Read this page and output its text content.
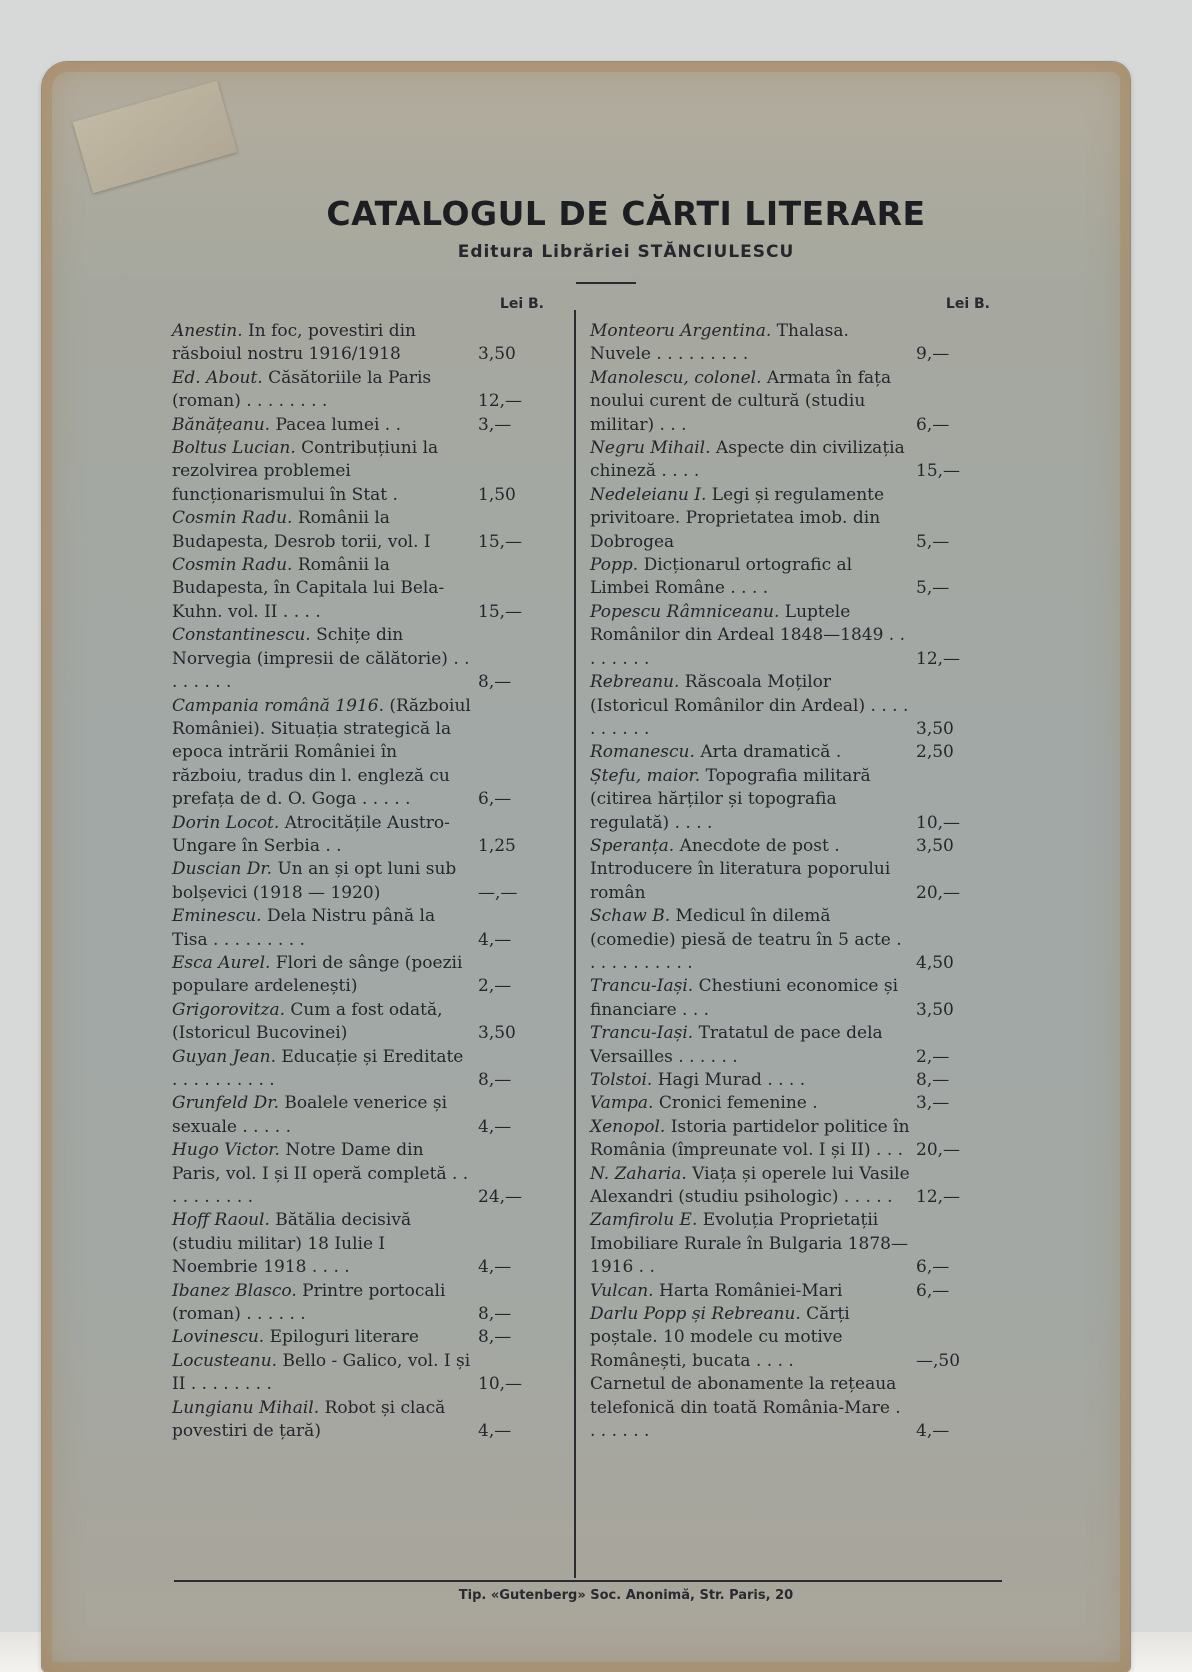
CATALOGUL DE CĂRTI LITERARE

Editura Librăriei STĂNCIULESCU

Lei B.
Anestin. In foc, povestiri din răsboiul nostru 1916/1918	3,50
Ed. About. Căsătoriile la Paris (roman) . . . . . . . .	12,—
Bănățeanu. Pacea lumei . .	3,—
Boltus Lucian. Contribuțiuni la rezolvirea problemei funcționarismului în Stat .	1,50
Cosmin Radu. Românii la Budapesta, Desrob torii, vol. I	15,—
Cosmin Radu. Românii la Budapesta, în Capitala lui Bela-Kuhn. vol. II . . . .	15,—
Constantinescu. Schițe din Norvegia (impresii de călătorie) . . . . . . . .	8,—
Campania română 1916. (Războiul României). Situația strategică la epoca intrării României în războiu, tradus din l. engleză cu prefața de d. O. Goga . . . . .	6,—
Dorin Locot. Atrocitățile Austro-Ungare în Serbia . .	1,25
Duscian Dr. Un an și opt luni sub bolșevici (1918 — 1920)	—,—
Eminescu. Dela Nistru până la Tisa . . . . . . . . .	4,—
Esca Aurel. Flori de sânge (poezii populare ardelenești)	2,—
Grigorovitza. Cum a fost odată, (Istoricul Bucovinei)	3,50
Guyan Jean. Educație și Ereditate . . . . . . . . . .	8,—
Grunfeld Dr. Boalele venerice și sexuale . . . . .	4,—
Hugo Victor. Notre Dame din Paris, vol. I și II operă completă . . . . . . . . . .	24,—
Hoff Raoul. Bătălia decisivă (studiu militar) 18 Iulie I Noembrie 1918 . . . .	4,—
Ibanez Blasco. Printre portocali (roman) . . . . . .	8,—
Lovinescu. Epiloguri literare	8,—
Locusteanu. Bello - Galico, vol. I și II . . . . . . . .	10,—
Lungianu Mihail. Robot și clacă povestiri de țară)	4,—
Lei B.
Monteoru Argentina. Thalasa. Nuvele . . . . . . . . .	9,—
Manolescu, colonel. Armata în fața noului curent de cultură (studiu militar) . . .	6,—
Negru Mihail. Aspecte din civilizația chineză . . . .	15,—
Nedeleianu I. Legi și regulamente privitoare. Proprietatea imob. din Dobrogea	5,—
Popp. Dicționarul ortografic al Limbei Române . . . .	5,—
Popescu Râmniceanu. Luptele Românilor din Ardeal 1848—1849 . . . . . . . .	12,—
Rebreanu. Răscoala Moților (Istoricul Românilor din Ardeal) . . . . . . . . . .	3,50
Romanescu. Arta dramatică .	2,50
Ștefu, maior. Topografia militară (citirea hărților și topografia regulată) . . . .	10,—
Speranța. Anecdote de post .	3,50
Introducere în literatura poporului român	20,—
Schaw B. Medicul în dilemă (comedie) piesă de teatru în 5 acte . . . . . . . . . . .	4,50
Trancu-Iași. Chestiuni economice și financiare . . .	3,50
Trancu-Iași. Tratatul de pace dela Versailles . . . . . .	2,—
Tolstoi. Hagi Murad . . . .	8,—
Vampa. Cronici femenine .	3,—
Xenopol. Istoria partidelor politice în România (împreunate vol. I și II) . . . 20,—
N. Zaharia. Viața și operele lui Vasile Alexandri (studiu psihologic) . . . . . 12,—
Zamfirolu E. Evoluția Proprietații Imobiliare Rurale în Bulgaria 1878—1916 . .	6,—
Vulcan. Harta României-Mari	6,—
Darlu Popp și Rebreanu. Cărți poștale. 10 modele cu motive Românești, bucata . . . .	—,50
Carnetul de abonamente la rețeaua telefonică din toată România-Mare . . . . . . .	4,—

Tip. «Gutenberg» Soc. Anonimă, Str. Paris, 20
